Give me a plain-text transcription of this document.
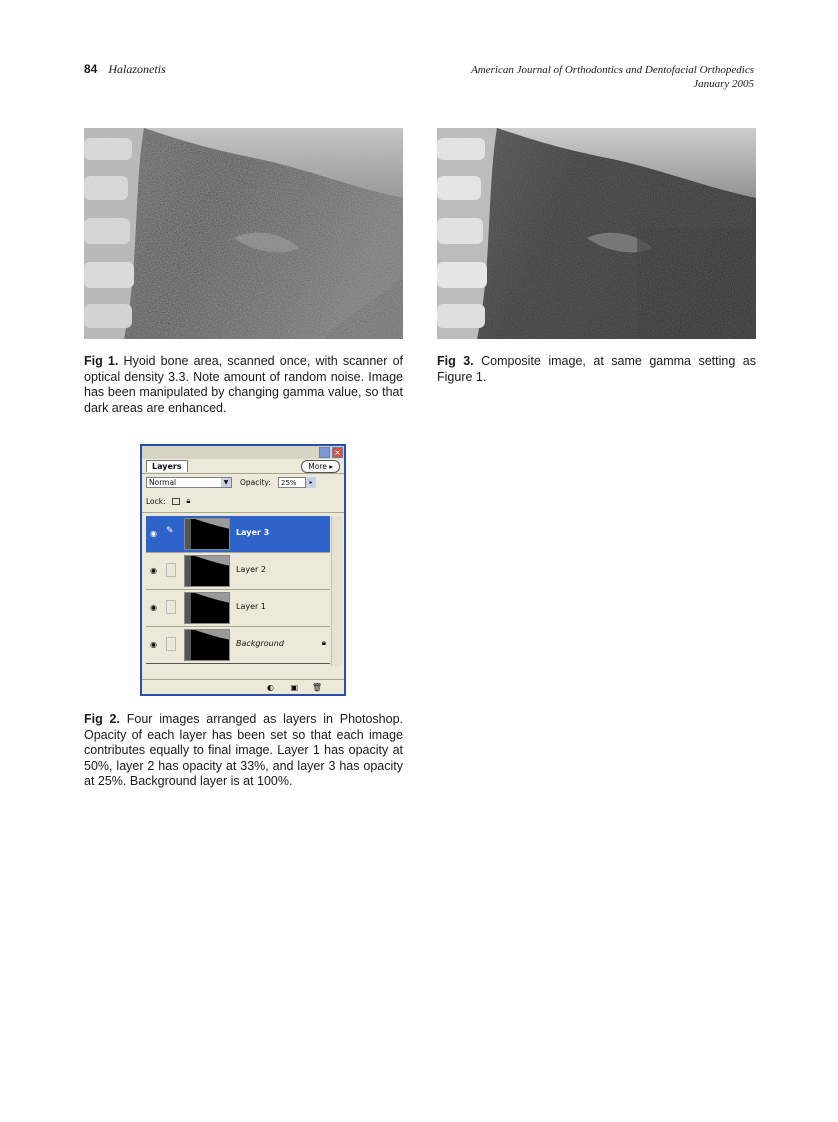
84 Halazonetis	American Journal of Orthodontics and Dentofacial Orthopedics
January 2005
Fig 1. Hyoid bone area, scanned once, with scanner of optical density 3.3. Note amount of random noise. Image has been manipulated by changing gamma value, so that dark areas are enhanced.
Fig 3. Composite image, at same gamma setting as Figure 1.
×
Layers	More ▸
Normal	▼	Opacity:	25%	▸
Lock:	🔒︎
◉ ✎	Layer 3
◉	Layer 2
◉	Layer 1
◉	Background	🔒︎
◐ ▣ 🗑︎
Fig 2. Four images arranged as layers in Photoshop. Opacity of each layer has been set so that each image contributes equally to final image. Layer 1 has opacity at 50%, layer 2 has opacity at 33%, and layer 3 has opacity at 25%. Background layer is at 100%.
